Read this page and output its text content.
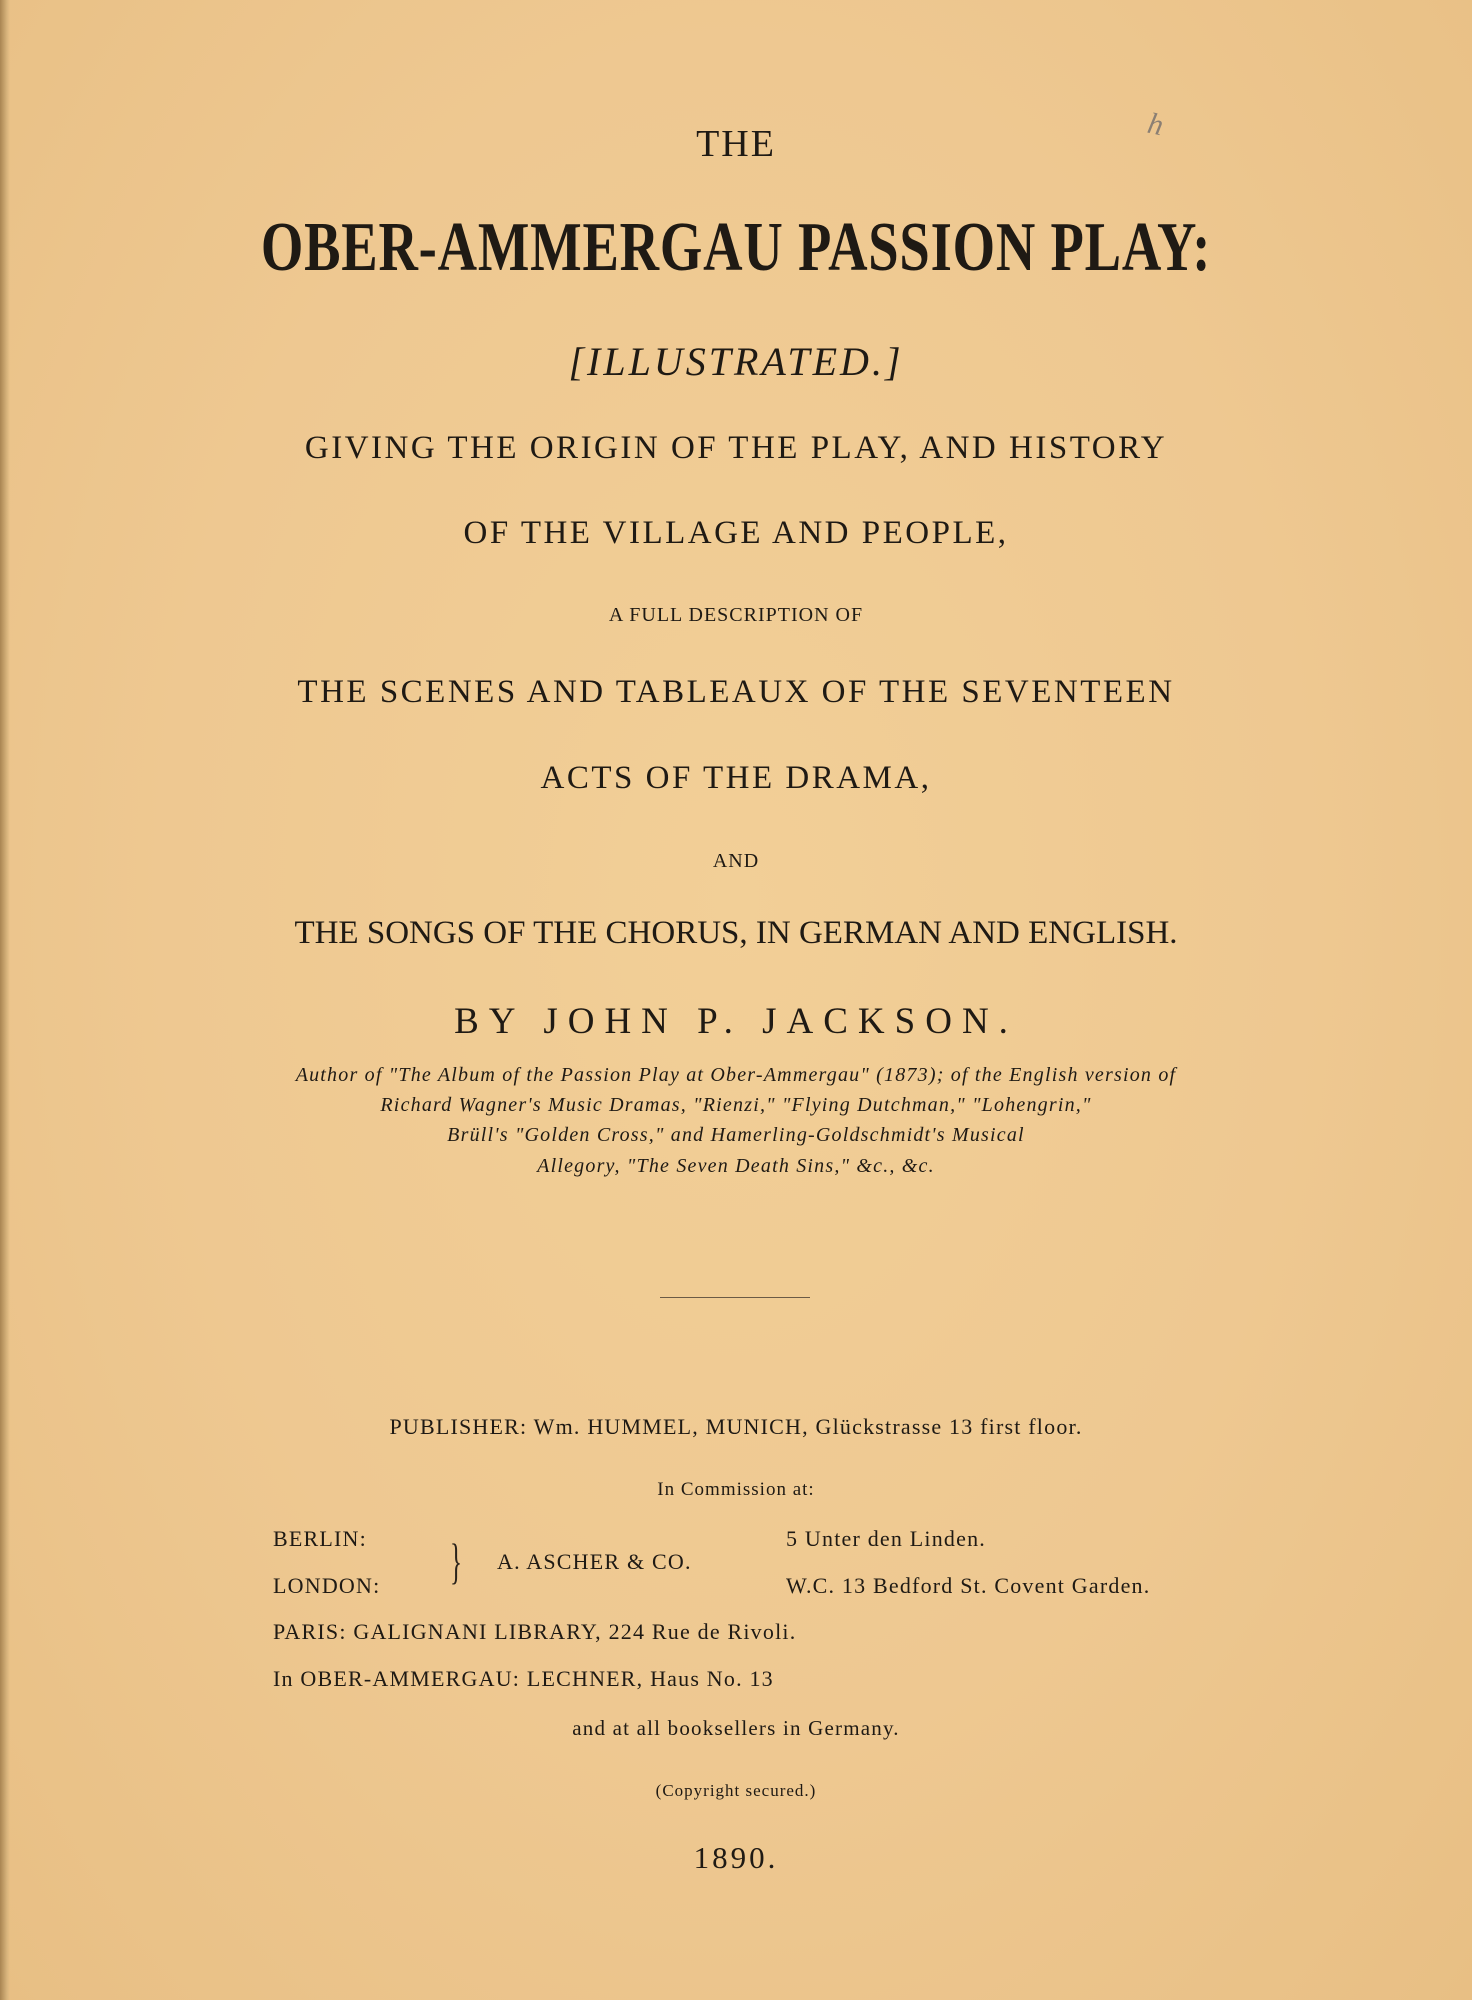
h
THE
OBER-AMMERGAU PASSION PLAY:
[ILLUSTRATED.]
GIVING THE ORIGIN OF THE PLAY, AND HISTORY
OF THE VILLAGE AND PEOPLE,
A FULL DESCRIPTION OF
THE SCENES AND TABLEAUX OF THE SEVENTEEN
ACTS OF THE DRAMA,
AND
THE SONGS OF THE CHORUS, IN GERMAN AND ENGLISH.
BY JOHN P. JACKSON.
Author of "The Album of the Passion Play at Ober-Ammergau" (1873); of the English version of
Richard Wagner's Music Dramas, "Rienzi," "Flying Dutchman," "Lohengrin,"
Brüll's "Golden Cross," and Hamerling-Goldschmidt's Musical
Allegory, "The Seven Death Sins," &c., &c.
PUBLISHER: Wm. HUMMEL, MUNICH, Glückstrasse 13 first floor.
In Commission at:
BERLIN:
LONDON: } A. ASCHER & CO.
5 Unter den Linden.
W.C. 13 Bedford St. Covent Garden.
PARIS: GALIGNANI LIBRARY, 224 Rue de Rivoli.
In OBER-AMMERGAU: LECHNER, Haus No. 13
and at all booksellers in Germany.
(Copyright secured.)
1890.
